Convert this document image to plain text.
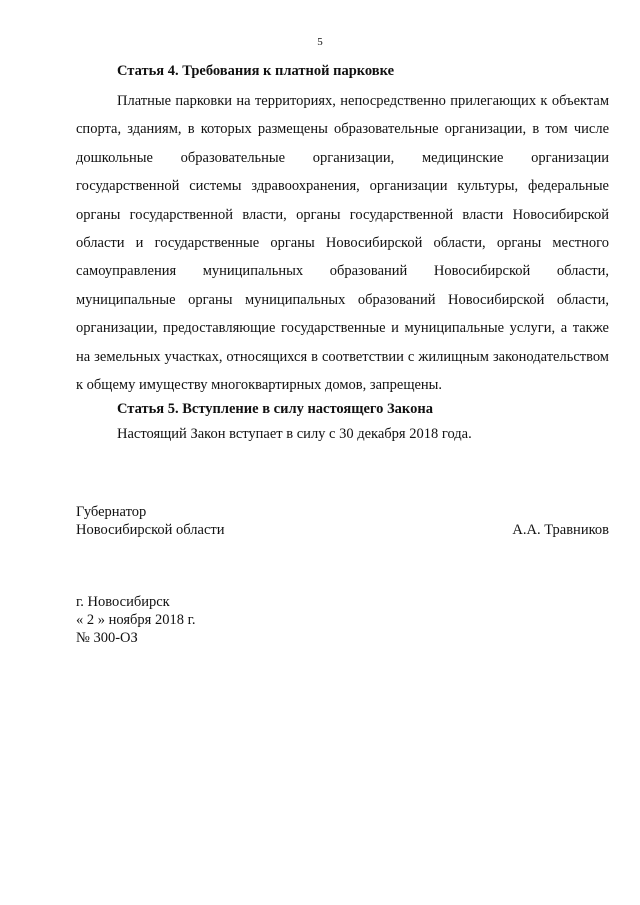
5
Статья 4. Требования к платной парковке

Платные парковки на территориях, непосредственно прилегающих к объектам спорта, зданиям, в которых размещены образовательные организации, в том числе дошкольные образовательные организации, медицинские организации государственной системы здравоохранения, организации культуры, федеральные органы государственной власти, органы государственной власти Новосибирской области и государственные органы Новосибирской области, органы местного самоуправления муниципальных образований Новосибирской области, муниципальные органы муниципальных образований Новосибирской области, организации, предоставляющие государственные и муниципальные услуги, а также на земельных участках, относящихся в соответствии с жилищным законодательством к общему имуществу многоквартирных домов, запрещены.

Статья 5. Вступление в силу настоящего Закона
Настоящий Закон вступает в силу с 30 декабря 2018 года.
Губернатор
Новосибирской области	А.А. Травников
г. Новосибирск
« 2 » ноября 2018 г.
№ 300-ОЗ
